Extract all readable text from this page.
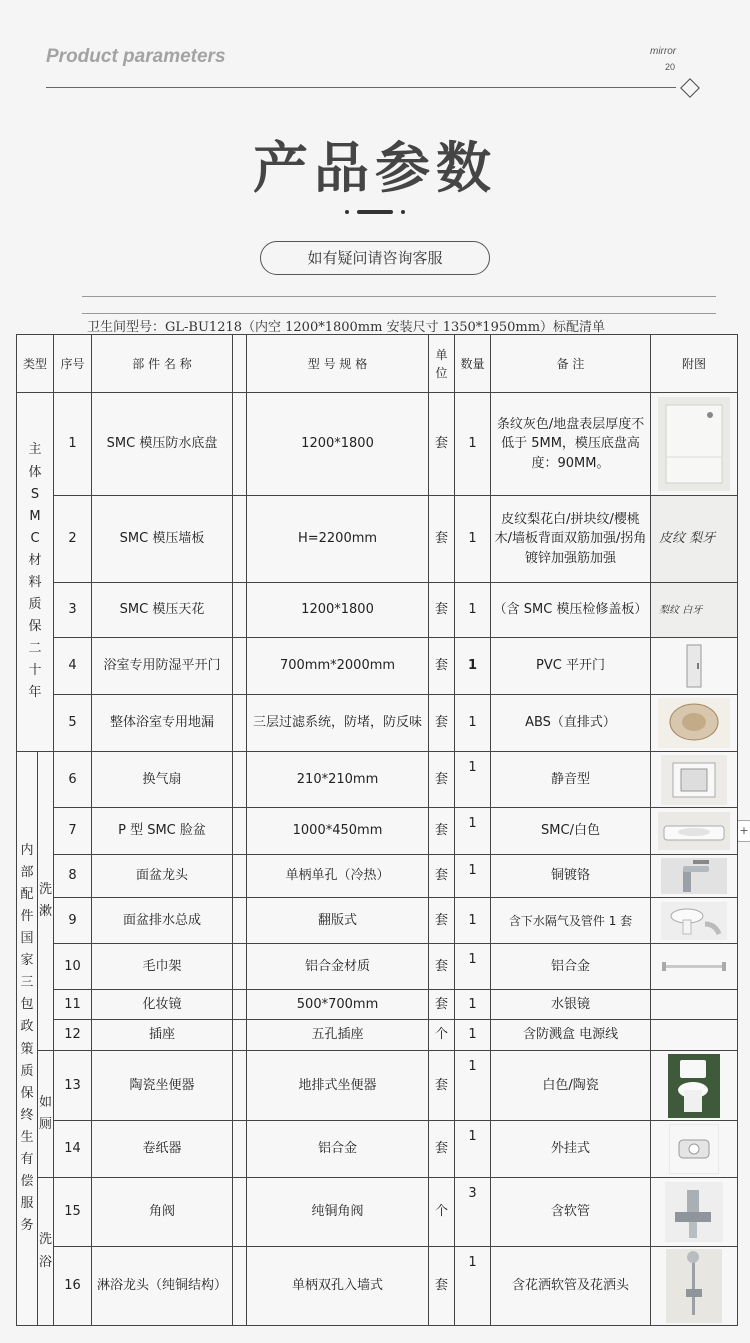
Product parameters	mirror
20
产品参数
如有疑问请咨询客服
卫生间型号：GL-BU1218（内空 1200*1800mm 安装尺寸 1350*1950mm）标配清单
+
类型		序号	部 件 名 称		型 号 规 格	单位	数量	备 注	附图

主体SMC材料质保二十年		1	SMC 模压防水底盘		1200*1800	套	1	条纹灰色/地盘表层厚度不低于 5MM，模压底盘高度：90MM。	

		2	SMC 模压墙板		H=2200mm	套	1	皮纹梨花白/拼块纹/樱桃木/墙板背面双筋加强/拐角镀锌加强筋加强	皮纹 梨牙

		3	SMC 模压天花		1200*1800	套	1	（含 SMC 模压检修盖板）	梨纹 白牙

		4	浴室专用防湿平开门		700mm*2000mm	套	1	PVC 平开门	

		5	整体浴室专用地漏		三层过滤系统，防堵，防反味	套	1	ABS（直排式）	

内部配件国家三包政策质保终生有偿服务	洗漱	6	换气扇		210*210mm	套	1	静音型	

		7	P 型 SMC 脸盆		1000*450mm	套	1	SMC/白色	

		8	面盆龙头		单柄单孔（冷热）	套	1	铜镀铬	

		9	面盆排水总成		翻版式	套	1	含下水隔气及管件 1 套	

		10	毛巾架		铝合金材质	套	1	铝合金	

		11	化妆镜		500*700mm	套	1	水银镜	
		12	插座		五孔插座	个	1	含防溅盒 电源线	

	如厕	13	陶瓷坐便器		地排式坐便器	套	1	白色/陶瓷	

		14	卷纸器		铝合金	套	1	外挂式	

	洗浴	15	角阀		纯铜角阀	个	3	含软管	

		16	淋浴龙头（纯铜结构）		单柄双孔入墙式	套	1	含花洒软管及花洒头	
